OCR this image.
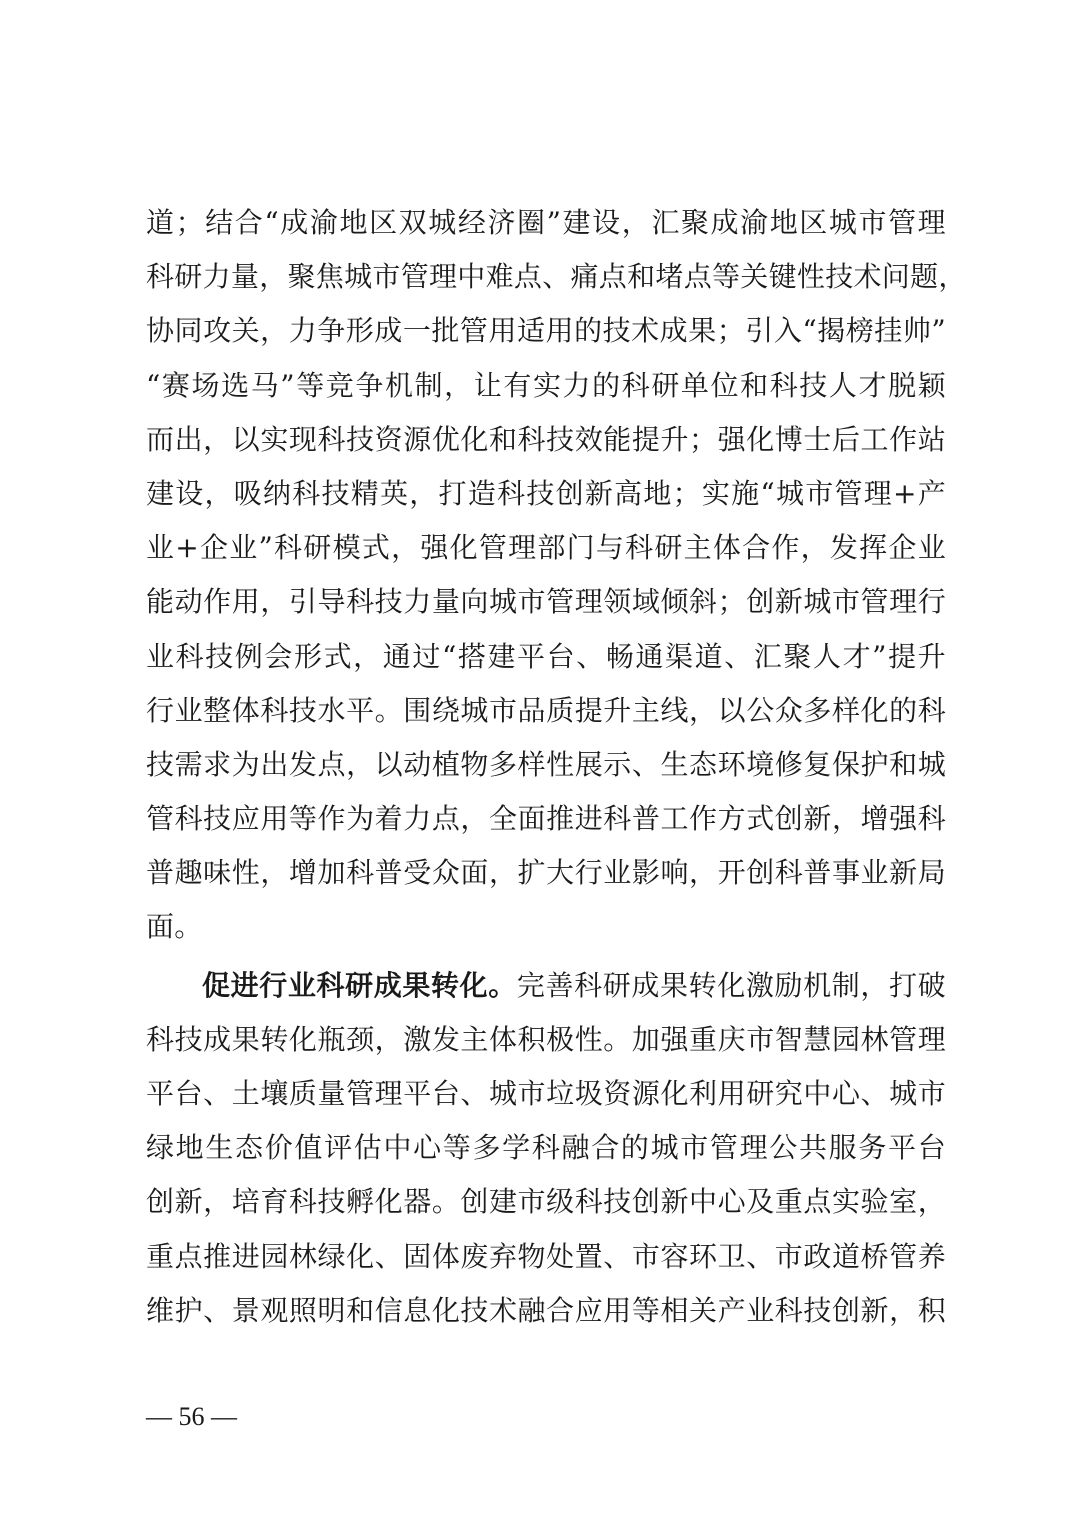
道；结合“成渝地区双城经济圈”建设，汇聚成渝地区城市管理
科研力量，聚焦城市管理中难点、痛点和堵点等关键性技术问题，
协同攻关，力争形成一批管用适用的技术成果；引入“揭榜挂帅”
“赛场选马”等竞争机制，让有实力的科研单位和科技人才脱颖
而出，以实现科技资源优化和科技效能提升；强化博士后工作站
建设，吸纳科技精英，打造科技创新高地；实施“城市管理+产
业+企业”科研模式，强化管理部门与科研主体合作，发挥企业
能动作用，引导科技力量向城市管理领域倾斜；创新城市管理行
业科技例会形式，通过“搭建平台、畅通渠道、汇聚人才”提升
行业整体科技水平。围绕城市品质提升主线，以公众多样化的科
技需求为出发点，以动植物多样性展示、生态环境修复保护和城
管科技应用等作为着力点，全面推进科普工作方式创新，增强科
普趣味性，增加科普受众面，扩大行业影响，开创科普事业新局
面。
促进行业科研成果转化。完善科研成果转化激励机制，打破
科技成果转化瓶颈，激发主体积极性。加强重庆市智慧园林管理
平台、土壤质量管理平台、城市垃圾资源化利用研究中心、城市
绿地生态价值评估中心等多学科融合的城市管理公共服务平台
创新，培育科技孵化器。创建市级科技创新中心及重点实验室，
重点推进园林绿化、固体废弃物处置、市容环卫、市政道桥管养
维护、景观照明和信息化技术融合应用等相关产业科技创新，积
— 56 —
